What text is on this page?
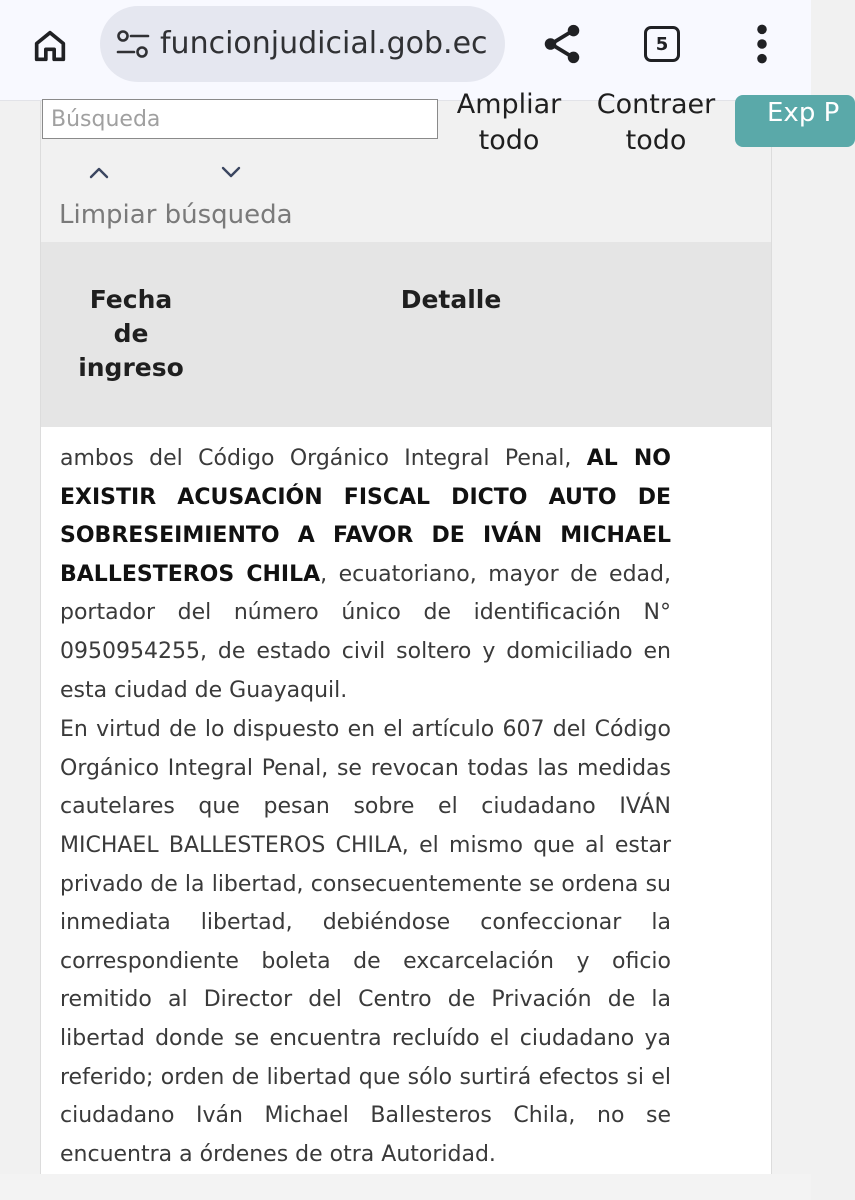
funcionjudicial.gob.ec	5
Búsqueda
Ampliar todo
Contraer todo
Exp P
Limpiar búsqueda
Fecha de ingreso
Detalle

ambos del Código Orgánico Integral Penal, AL NO EXISTIR ACUSACIÓN FISCAL DICTO AUTO DE SOBRESEIMIENTO A FAVOR DE IVÁN MICHAEL BALLESTEROS CHILA, ecuatoriano, mayor de edad, portador del número único de identificación N° 0950954255, de estado civil soltero y domiciliado en esta ciudad de Guayaquil.

En virtud de lo dispuesto en el artículo 607 del Código Orgánico Integral Penal, se revocan todas las medidas cautelares que pesan sobre el ciudadano IVÁN MICHAEL BALLESTEROS CHILA, el mismo que al estar privado de la libertad, consecuentemente se ordena su inmediata libertad, debiéndose confeccionar la correspondiente boleta de excarcelación y oficio remitido al Director del Centro de Privación de la libertad donde se encuentra recluído el ciudadano ya referido; orden de libertad que sólo surtirá efectos si el ciudadano Iván Michael Ballesteros Chila, no se encuentra a órdenes de otra Autoridad.
